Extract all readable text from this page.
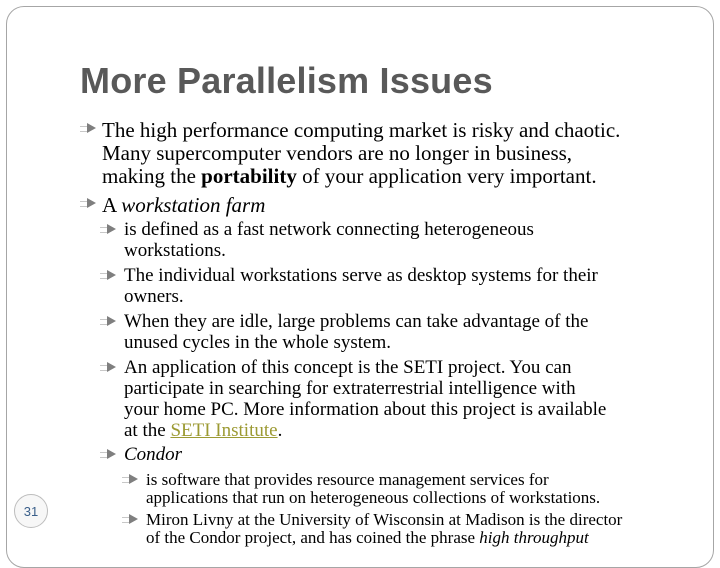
More Parallelism Issues
The high performance computing market is risky and chaotic.
Many supercomputer vendors are no longer in business,
making the portability of your application very important.
A workstation farm
is defined as a fast network connecting heterogeneous
workstations.
The individual workstations serve as desktop systems for their
owners.
When they are idle, large problems can take advantage of the
unused cycles in the whole system.
An application of this concept is the SETI project. You can
participate in searching for extraterrestrial intelligence with
your home PC. More information about this project is available
at the SETI Institute.
Condor
is software that provides resource management services for
applications that run on heterogeneous collections of workstations.
Miron Livny at the University of Wisconsin at Madison is the director
of the Condor project, and has coined the phrase high throughput
31
